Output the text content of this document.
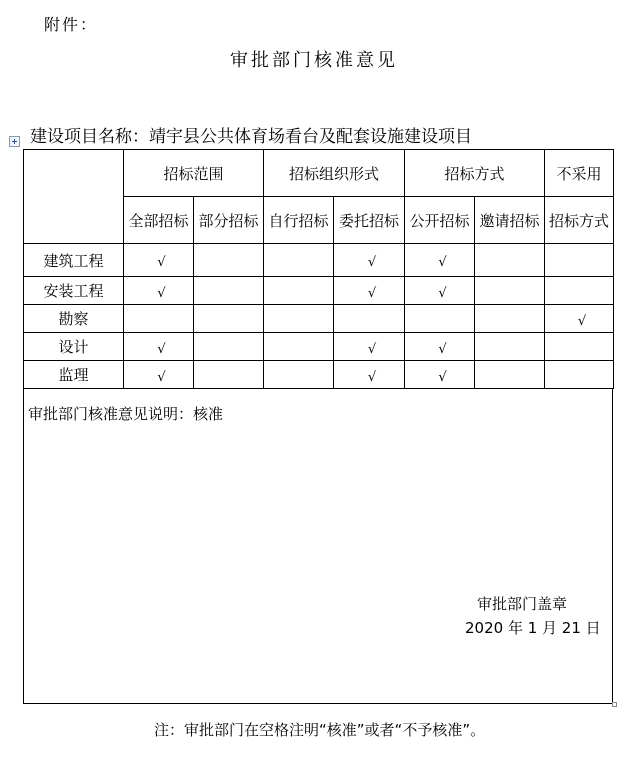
附件：
审批部门核准意见
建设项目名称：靖宇县公共体育场看台及配套设施建设项目
	招标范围		招标组织形式		招标方式		不采用
	全部招标	部分招标	自行招标	委托招标	公开招标	邀请招标	招标方式
建筑工程	√			√	√		
安装工程	√			√	√		
勘察							√
设计	√			√	√		
监理	√			√	√		
审批部门核准意见说明：核准
审批部门盖章
2020 年 1 月 21 日
注：审批部门在空格注明“核准”或者“不予核准”。
